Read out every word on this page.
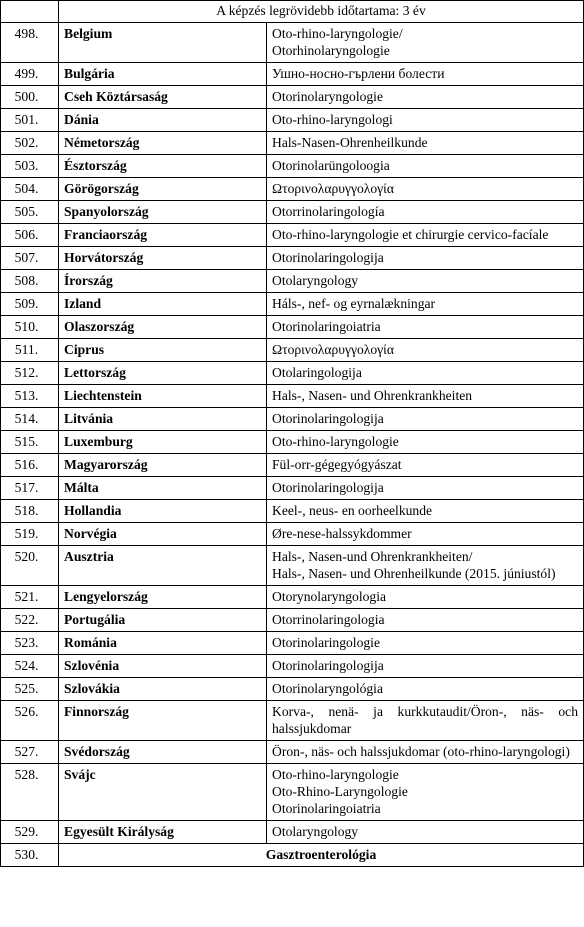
	A képzés legrövidebb időtartama: 3 év	
498.	Belgium	Oto-rhino-laryngologie/
Otorhinolaryngologie

499.	Bulgária	Ушно-носно-гърлени болести

500.	Cseh Köztársaság	Otorinolaryngologie

501.	Dánia	Oto-rhino-laryngologi

502.	Németország	Hals-Nasen-Ohrenheilkunde

503.	Észtország	Otorinolarüngoloogia

504.	Görögország	Ωτορινολαρυγγολογία

505.	Spanyolország	Otorrinolaringología

506.	Franciaország	Oto-rhino-laryngologie et chirurgie cervico-facíale

507.	Horvátország	Otorinolaringologija

508.	Írország	Otolaryngology

509.	Izland	Háls-, nef- og eyrnalækningar

510.	Olaszország	Otorinolaringoiatria

511.	Ciprus	Ωτορινολαρυγγολογία

512.	Lettország	Otolaringologija

513.	Liechtenstein	Hals-, Nasen- und Ohrenkrankheiten

514.	Litvánia	Otorinolaringologija

515.	Luxemburg	Oto-rhino-laryngologie

516.	Magyarország	Fül-orr-gégegyógyászat

517.	Málta	Otorinolaringologija

518.	Hollandia	Keel-, neus- en oorheelkunde

519.	Norvégia	Øre-nese-halssykdommer

520.	Ausztria	Hals-, Nasen-und Ohrenkrankheiten/
Hals-, Nasen- und Ohrenheilkunde (2015. júniustól)

521.	Lengyelország	Otorynolaryngologia

522.	Portugália	Otorrinolaringologia

523.	Románia	Otorinolaringologie

524.	Szlovénia	Otorinolaringologija

525.	Szlovákia	Otorinolaryngológia

526.	Finnország	Korva-, nenä- ja kurkkutaudit/Öron-, näs- och halssjukdomar

527.	Svédország	Öron-, näs- och halssjukdomar (oto-rhino-laryngologi)

528.	Svájc	Oto-rhino-laryngologie
Oto-Rhino-Laryngologie
Otorinolaringoiatria

529.	Egyesült Királyság	Otolaryngology

530.	Gasztroenterológia	
